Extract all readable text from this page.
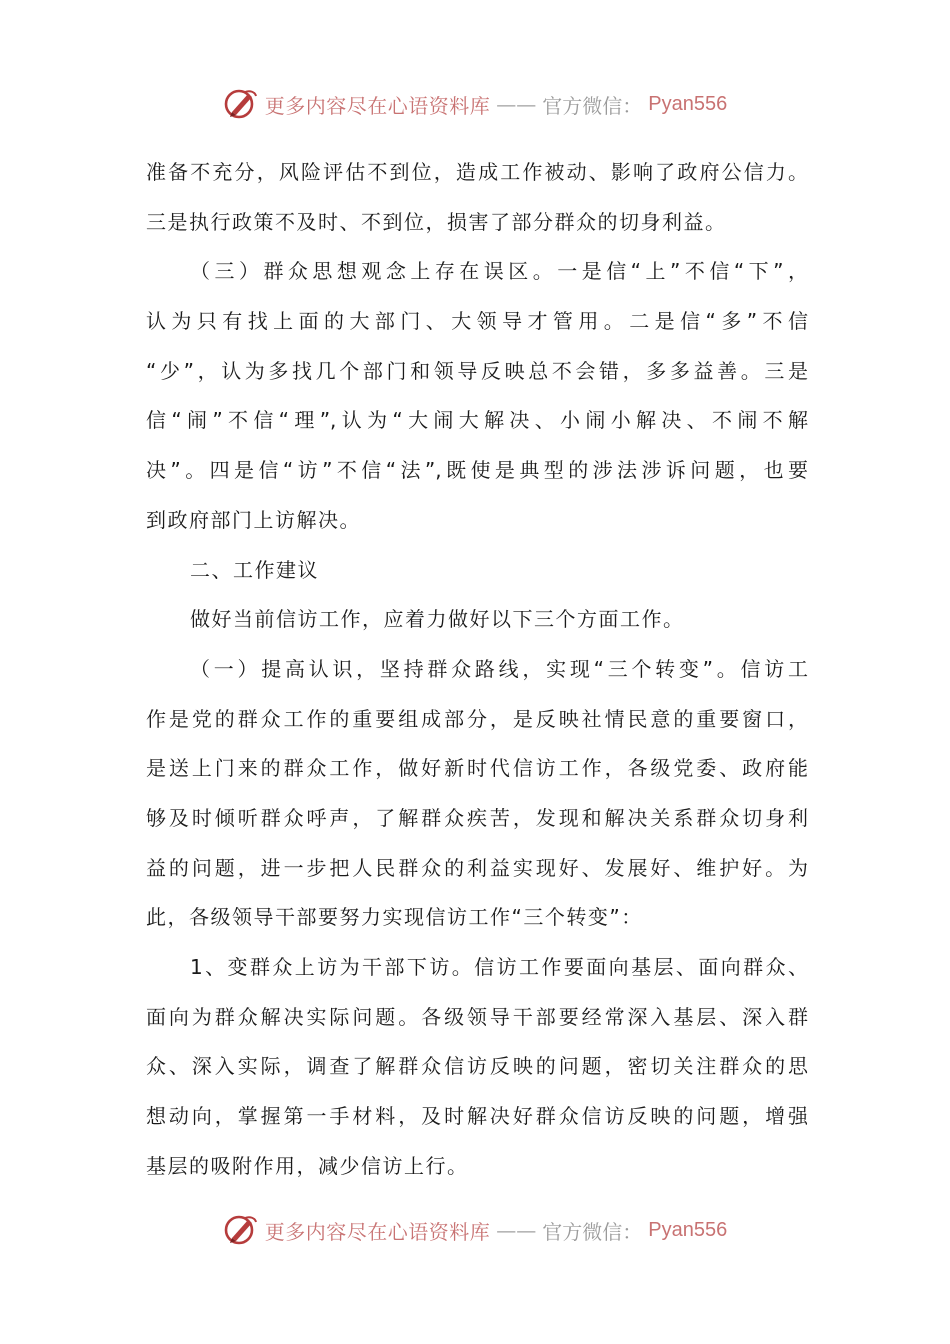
更多内容尽在心语资料库 —— 官方微信： Pyan556
准备不充分，风险评估不到位，造成工作被动、影响了政府公信力。
三是执行政策不及时、不到位，损害了部分群众的切身利益。
（三）群众思想观念上存在误区。一是信“上”不信“下”，
认为只有找上面的大部门、大领导才管用。二是信“多”不信
“少”，认为多找几个部门和领导反映总不会错，多多益善。三是
信“闹”不信“理”,认为“大闹大解决、小闹小解决、不闹不解
决”。四是信“访”不信“法”,既使是典型的涉法涉诉问题，也要
到政府部门上访解决。
二、工作建议
做好当前信访工作，应着力做好以下三个方面工作。
（一）提高认识，坚持群众路线，实现“三个转变”。信访工
作是党的群众工作的重要组成部分，是反映社情民意的重要窗口，
是送上门来的群众工作，做好新时代信访工作，各级党委、政府能
够及时倾听群众呼声，了解群众疾苦，发现和解决关系群众切身利
益的问题，进一步把人民群众的利益实现好、发展好、维护好。为
此，各级领导干部要努力实现信访工作“三个转变”：
1、变群众上访为干部下访。信访工作要面向基层、面向群众、
面向为群众解决实际问题。各级领导干部要经常深入基层、深入群
众、深入实际，调查了解群众信访反映的问题，密切关注群众的思
想动向，掌握第一手材料，及时解决好群众信访反映的问题，增强
基层的吸附作用，减少信访上行。
更多内容尽在心语资料库 —— 官方微信： Pyan556
